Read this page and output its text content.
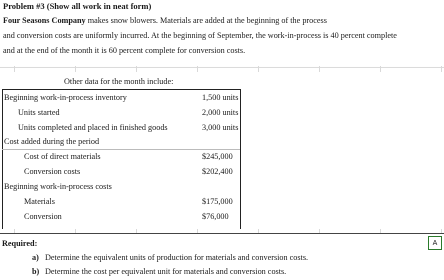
Problem #3 (Show all work in neat form)
Four Seasons Company makes snow blowers. Materials are added at the beginning of the process
and conversion costs are uniformly incurred. At the beginning of September, the work-in-process is 40 percent complete
and at the end of the month it is 60 percent complete for conversion costs.
Other data for the month include:
Beginning work-in-process inventory	1,500 units
Units started	2,000 units
Units completed and placed in finished goods	3,000 units
Cost added during the period
Cost of direct materials	$245,000
Conversion costs	$202,400
Beginning work-in-process costs
Materials	$175,000
Conversion	$76,000
Required:	A
a) Determine the equivalent units of production for materials and conversion costs.
b) Determine the cost per equivalent unit for materials and conversion costs.
